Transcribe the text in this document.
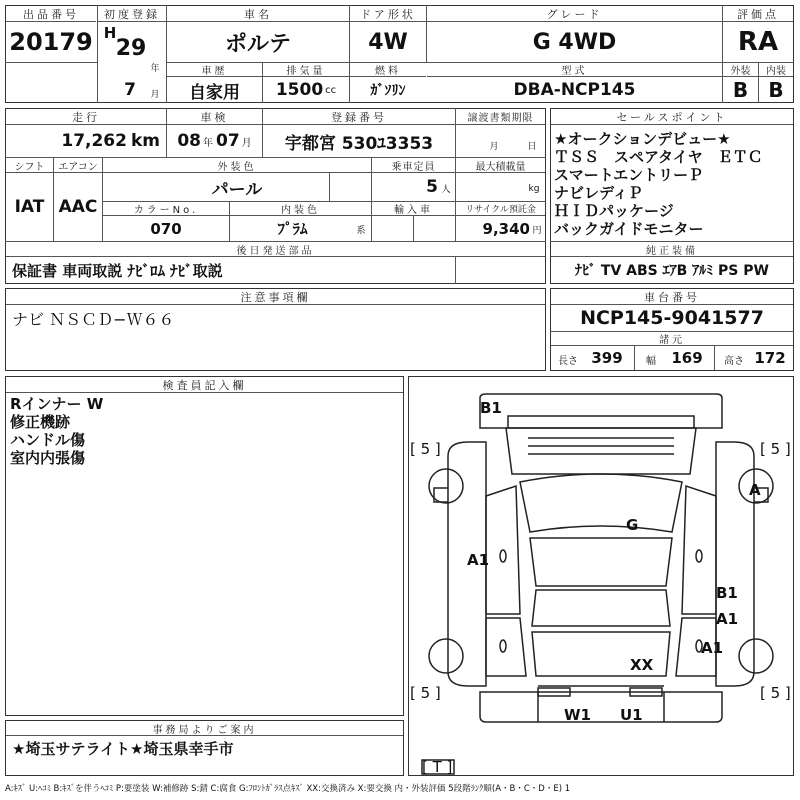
出品番号
20179
初度登録
H
29
年
7	月
車名
ポルテ
ドア形状
4W
グレード
G 4WD
評価点
RA
車歴
自家用
排気量
1500 cc
燃料
ｶﾞｿﾘﾝ
型式
DBA-NCP145
外装	内装
B	B
走行
17,262 km
車検
08 年 07 月
登録番号
宇都宮 530ﾕ3353
譲渡書類期限
月	日
シフト	エアコン
IAT AAC
外装色
パール
乗車定員
5 人
最大積載量
kg
カラーNo.
070
内装色
ﾌﾟﾗﾑ	系
輸入車	リサイクル預託金
9,340 円
後日発送部品
保証書 車両取説 ﾅﾋﾞﾛﾑ ﾅﾋﾞ取説
セールスポイント
★オークションデビュー★
ＴＳＳ　スペアタイヤ　ＥＴＣ
スマートエントリーＰ
ナビレディＰ
ＨＩＤパッケージ
バックガイドモニター
純正装備
ﾅﾋﾞ TV ABS ｴｱB ｱﾙﾐ PS PW
注意事項欄
ナビ ＮＳＣＤ−Ｗ６６
車台番号
NCP145-9041577
諸元
長さ 399	幅	169	高さ 172
検査員記入欄
Rインナー W
修正機跡
ハンドル傷
室内内張傷
B1
A
G
A1
B1
A1
A1
XX
W1 U1
[ 5 ]	[ 5 ]
[ 5 ]	[ 5 ]
[ T ]
事務局よりご案内
★埼玉サテライト★埼玉県幸手市
A:ｷｽﾞ U:ﾍｺﾐ B:ｷｽﾞを伴うﾍｺﾐ P:要塗装 W:補修跡 S:錆 C:腐食 G:ﾌﾛﾝﾄｶﾞﾗｽ点ｷｽﾞ XX:交換済み X:要交換 内・外装評価 5段階ﾗﾝｸ順(A・B・C・D・E) 1
